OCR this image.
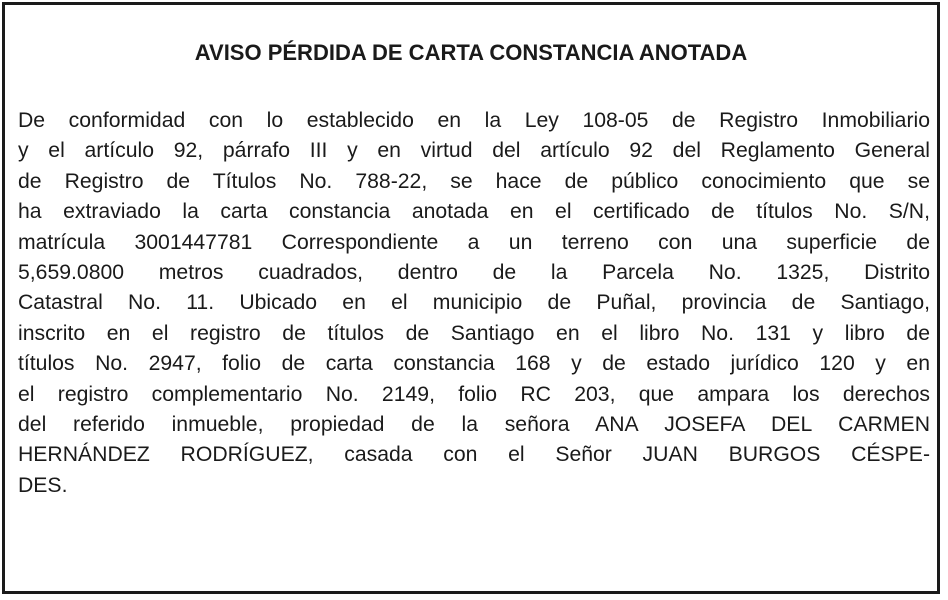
AVISO PÉRDIDA DE CARTA CONSTANCIA ANOTADA

De conformidad con lo establecido en la Ley 108-05 de Registro Inmobiliario
y el artículo 92, párrafo III y en virtud del artículo 92 del Reglamento General
de Registro de Títulos No. 788-22, se hace de público conocimiento que se
ha extraviado la carta constancia anotada en el certificado de títulos No. S/N,
matrícula 3001447781 Correspondiente a un terreno con una superficie de
5,659.0800 metros cuadrados, dentro de la Parcela No. 1325, Distrito
Catastral No. 11. Ubicado en el municipio de Puñal, provincia de Santiago,
inscrito en el registro de títulos de Santiago en el libro No. 131 y libro de
títulos No. 2947, folio de carta constancia 168 y de estado jurídico 120 y en
el registro complementario No. 2149, folio RC 203, que ampara los derechos
del referido inmueble, propiedad de la señora ANA JOSEFA DEL CARMEN
HERNÁNDEZ RODRÍGUEZ, casada con el Señor JUAN BURGOS CÉSPE-
DES.
